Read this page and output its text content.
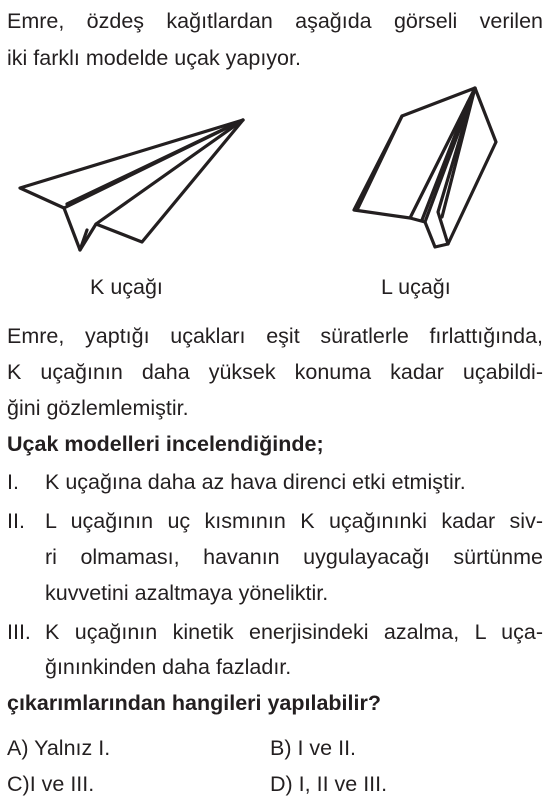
Emre, özdeş kağıtlardan aşağıda görseli verilen
iki farklı modelde uçak yapıyor.
K uçağı	L uçağı
Emre, yaptığı uçakları eşit süratlerle fırlattığında,
K uçağının daha yüksek konuma kadar uçabildi-
ğini gözlemlemiştir.
Uçak modelleri incelendiğinde;
I. K uçağına daha az hava direnci etki etmiştir.
II. L uçağının uç kısmının K uçağınınki kadar siv-
ri olmaması, havanın uygulayacağı sürtünme
kuvvetini azaltmaya yöneliktir.
III. K uçağının kinetik enerjisindeki azalma, L uça-
ğınınkinden daha fazladır.
çıkarımlarından hangileri yapılabilir?
A) Yalnız I.	B) I ve II.
C)I ve III.	D) I, II ve III.
